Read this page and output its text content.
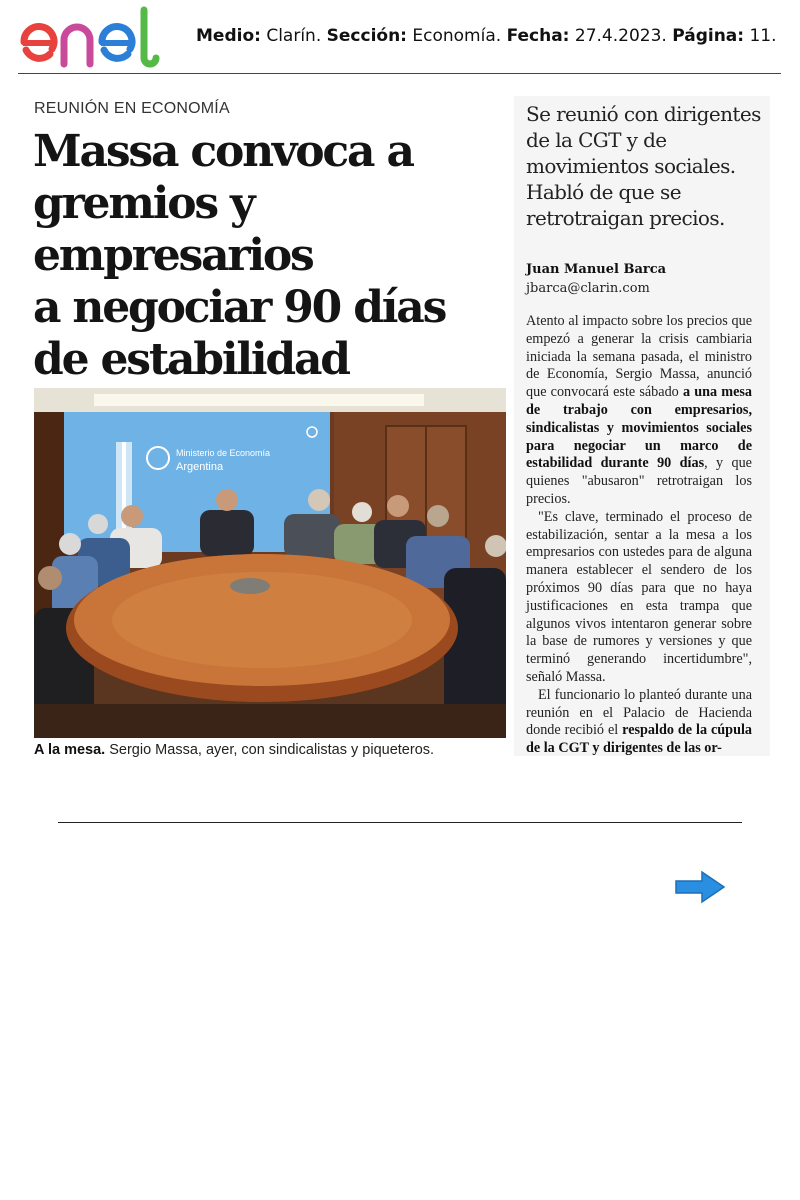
Medio: Clarín. Sección: Economía. Fecha: 27.4.2023. Página: 11.
REUNIÓN EN ECONOMÍA
Massa convoca a
gremios y empresarios
a negociar 90 días
de estabilidad
Ministerio de Economía
Argentina
A la mesa. Sergio Massa, ayer, con sindicalistas y piqueteros.
Se reunió con dirigentes de la CGT y de movimientos sociales. Habló de que se retrotraigan precios.
Juan Manuel Barca
jbarca@clarin.com

Atento al impacto sobre los precios que empezó a generar la crisis cambiaria iniciada la semana pasada, el ministro de Economía, Sergio Massa, anunció que convocará este sábado a una mesa de trabajo con empresarios, sindicalistas y movimientos sociales para negociar un marco de estabilidad durante 90 días, y que quienes "abusaron" retrotraigan los precios.

"Es clave, terminado el proceso de estabilización, sentar a la mesa a los empresarios con ustedes para de alguna manera establecer el sendero de los próximos 90 días para que no haya justificaciones en esta trampa que algunos vivos intentaron generar sobre la base de rumores y versiones y que terminó generando incertidumbre", señaló Massa.

El funcionario lo planteó durante una reunión en el Palacio de Hacienda donde recibió el respaldo de la cúpula de la CGT y dirigentes de las or-
